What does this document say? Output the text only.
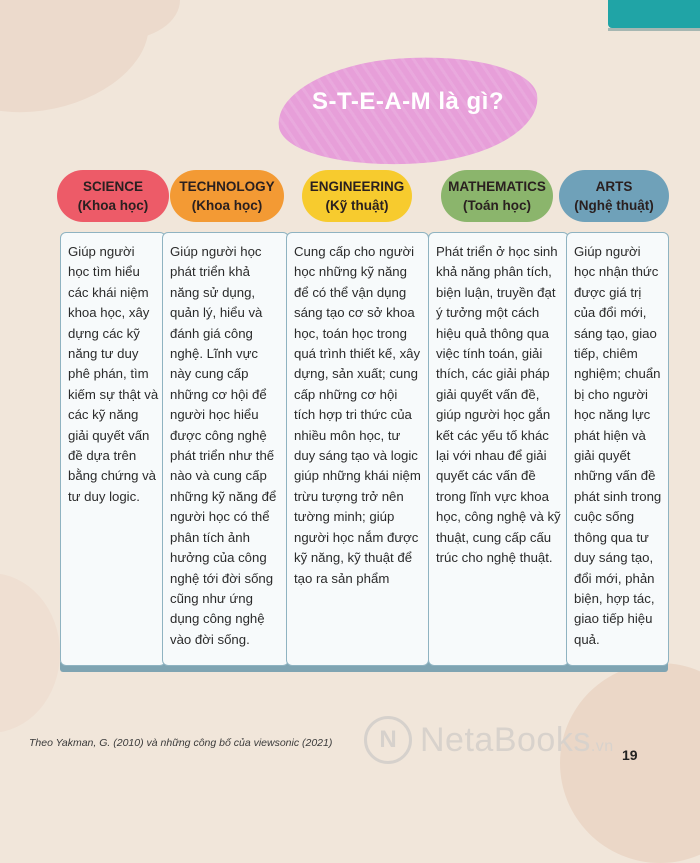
S-T-E-A-M là gì?
SCIENCE
(Khoa học)
TECHNOLOGY
(Khoa học)
ENGINEERING
(Kỹ thuật)
MATHEMATICS
(Toán học)
ARTS
(Nghệ thuật)
Giúp người học tìm hiểu các khái niệm khoa học, xây dựng các kỹ năng tư duy phê phán, tìm kiếm sự thật và các kỹ năng giải quyết vấn đề dựa trên bằng chứng và tư duy logic.
Giúp người học phát triển khả năng sử dụng, quản lý, hiểu và đánh giá công nghệ. Lĩnh vực này cung cấp những cơ hội để người học hiểu được công nghệ phát triển như thế nào và cung cấp những kỹ năng để người học có thể phân tích ảnh hưởng của công nghệ tới đời sống cũng như ứng dụng công nghệ vào đời sống.
Cung cấp cho người học những kỹ năng để có thể vận dụng sáng tạo cơ sở khoa học, toán học trong quá trình thiết kế, xây dựng, sản xuất; cung cấp những cơ hội tích hợp tri thức của nhiều môn học, tư duy sáng tạo và logic giúp những khái niệm trừu tượng trở nên tường minh; giúp người học nắm được kỹ năng, kỹ thuật để tạo ra sản phẩm
Phát triển ở học sinh khả năng phân tích, biện luận, truyền đạt ý tưởng một cách hiệu quả thông qua việc tính toán, giải thích, các giải pháp giải quyết vấn đề, giúp người học gắn kết các yếu tố khác lại với nhau để giải quyết các vấn đề trong lĩnh vực khoa học, công nghệ và kỹ thuật, cung cấp cấu trúc cho nghệ thuật.
Giúp người học nhận thức được giá trị của đổi mới, sáng tạo, giao tiếp, chiêm nghiệm; chuẩn bị cho người học năng lực phát hiện và giải quyết những vấn đề phát sinh trong cuộc sống thông qua tư duy sáng tạo, đổi mới, phản biện, hợp tác, giao tiếp hiệu quả.
Theo Yakman, G. (2010) và những công bố của viewsonic (2021)	N NetaBooks.vn
19
